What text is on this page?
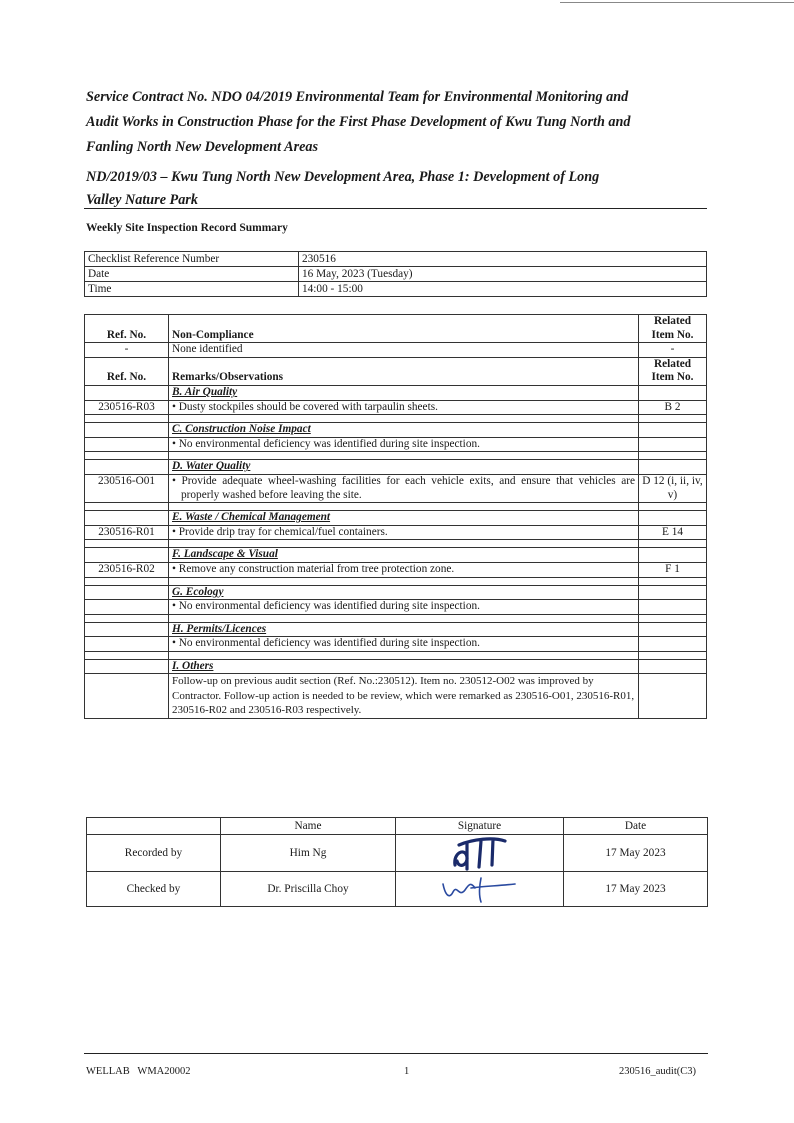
Service Contract No. NDO 04/2019 Environmental Team for Environmental Monitoring and

Audit Works in Construction Phase for the First Phase Development of Kwu Tung North and

Fanling North New Development Areas

ND/2019/03 – Kwu Tung North New Development Area, Phase 1: Development of Long

Valley Nature Park

Weekly Site Inspection Record Summary
Checklist Reference Number	230516
Date	16 May, 2023 (Tuesday)
Time	14:00 - 15:00
Ref. No.	Non-Compliance	Related Item No.
-	None identified	-
Ref. No.	Remarks/Observations	Related Item No.
	B. Air Quality	
230516-R03	• Dusty stockpiles should be covered with tarpaulin sheets.	B 2

	C. Construction Noise Impact	
	• No environmental deficiency was identified during site inspection.	

	D. Water Quality	
230516-O01	• Provide adequate wheel-washing facilities for each vehicle exits, and ensure that vehicles are properly washed before leaving the site.	D 12 (i, ii, iv, v)

	E. Waste / Chemical Management	
230516-R01	• Provide drip tray for chemical/fuel containers.	E 14

	F. Landscape & Visual	
230516-R02	• Remove any construction material from tree protection zone.	F 1

	G. Ecology	
	• No environmental deficiency was identified during site inspection.	

	H. Permits/Licences	
	• No environmental deficiency was identified during site inspection.	

	I. Others	
	Follow-up on previous audit section (Ref. No.:230512). Item no. 230512-O02 was improved by Contractor. Follow-up action is needed to be review, which were remarked as 230516-O01, 230516-R01, 230516-R02 and 230516-R03 respectively.	
	Name	Signature	Date
Recorded by	Him Ng		17 May 2023
Checked by	Dr. Priscilla Choy		17 May 2023
WELLAB   WMA20002	1	230516_audit(C3)
